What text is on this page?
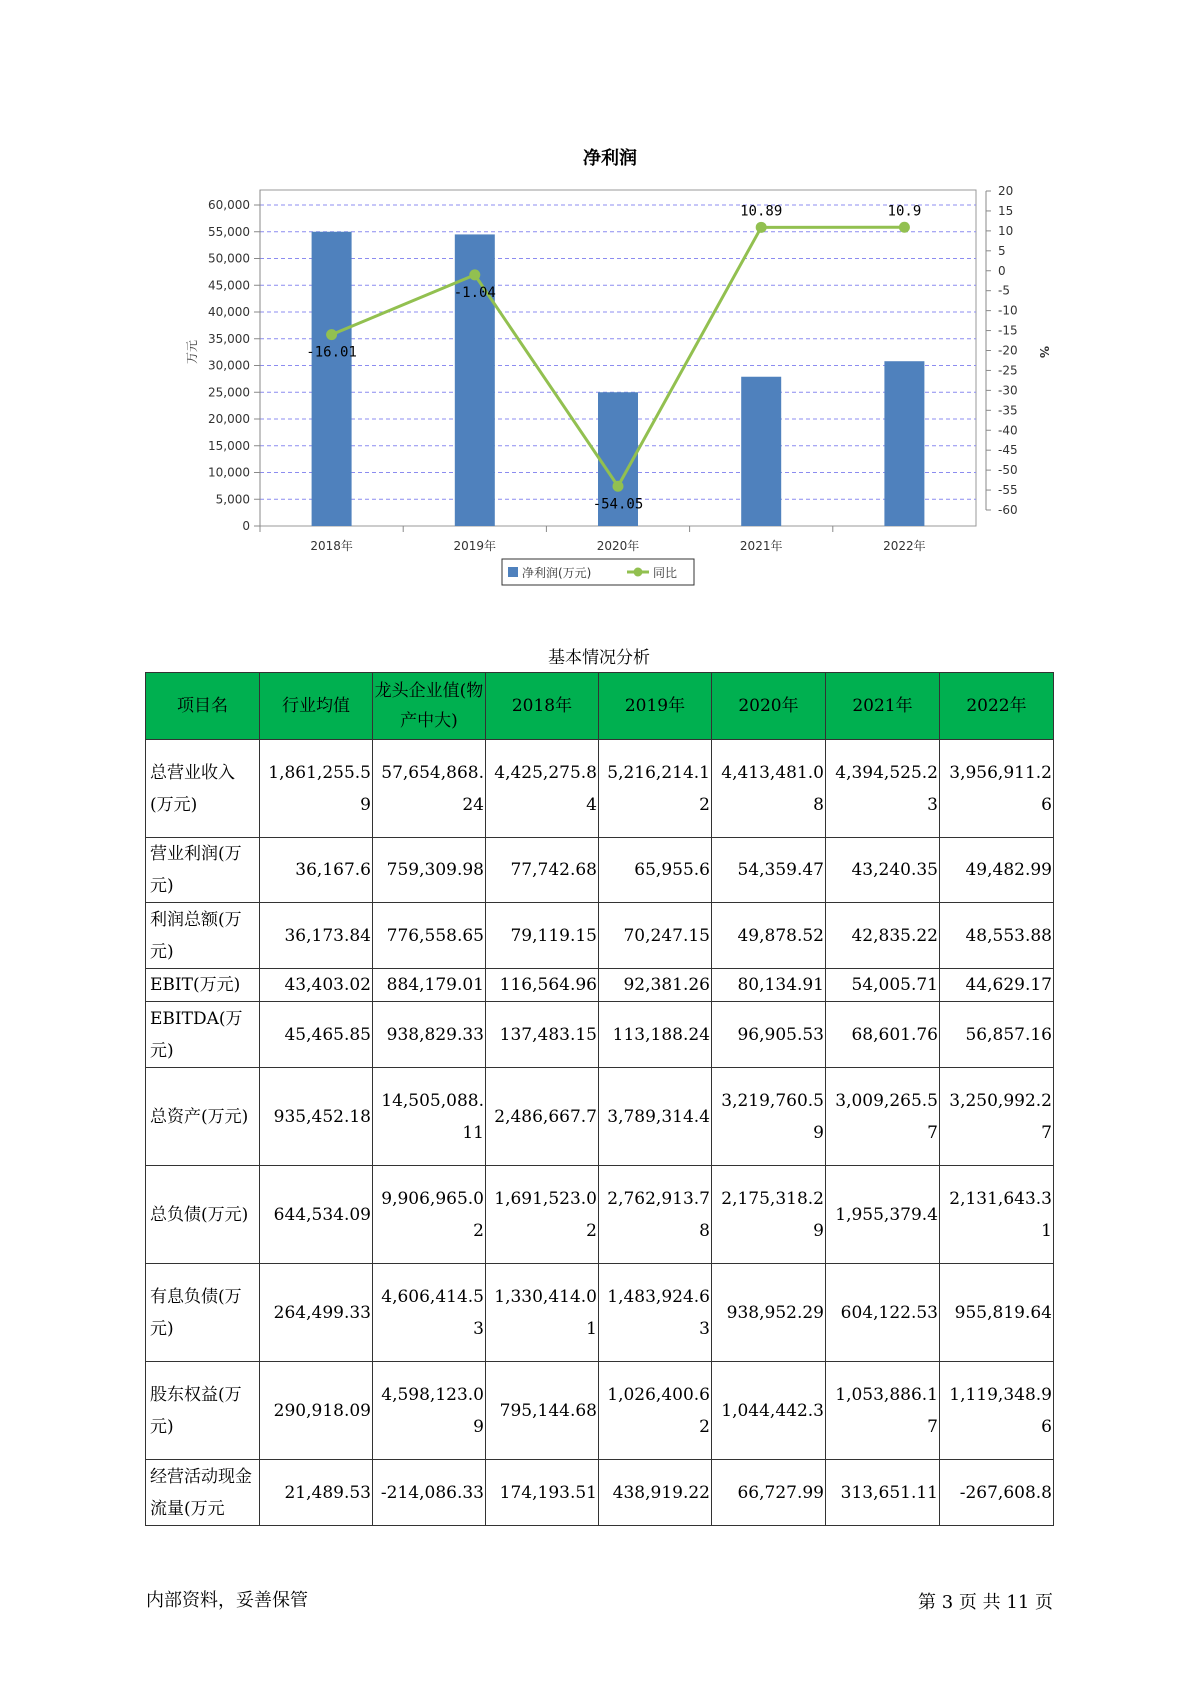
净利润
60,000
55,000
50,000
45,000
40,000
35,000
30,000
25,000
20,000
15,000
10,000
5,000
0
万元
20
15
10
5
0
-5
-10
-15
-20
-25
-30
-35
-40
-45
-50
-55
-60
%
2018年	2019年	2020年	2021年	2022年
-16.01
-1.04
-54.05
10.89	10.9
净利润(万元)	同比
基本情况分析
项目名	行业均值	龙头企业值(物产中大)	2018年	2019年	2020年	2021年	2022年
总营业收入(万元)	1,861,255.59	57,654,868.24	4,425,275.84	5,216,214.12	4,413,481.08	4,394,525.23	3,956,911.26
营业利润(万元)	36,167.6	759,309.98	77,742.68	65,955.6	54,359.47	43,240.35	49,482.99
利润总额(万元)	36,173.84	776,558.65	79,119.15	70,247.15	49,878.52	42,835.22	48,553.88
EBIT(万元)	43,403.02	884,179.01	116,564.96	92,381.26	80,134.91	54,005.71	44,629.17
EBITDA(万元)	45,465.85	938,829.33	137,483.15	113,188.24	96,905.53	68,601.76	56,857.16
总资产(万元)	935,452.18	14,505,088.11	2,486,667.7	3,789,314.4	3,219,760.59	3,009,265.57	3,250,992.27
总负债(万元)	644,534.09	9,906,965.02	1,691,523.02	2,762,913.78	2,175,318.29	1,955,379.4	2,131,643.31
有息负债(万元)	264,499.33	4,606,414.53	1,330,414.01	1,483,924.63	938,952.29	604,122.53	955,819.64
股东权益(万元)	290,918.09	4,598,123.09	795,144.68	1,026,400.62	1,044,442.3	1,053,886.17	1,119,348.96
经营活动现金流量(万元	21,489.53	-214,086.33	174,193.51	438,919.22	66,727.99	313,651.11	-267,608.8
内部资料，妥善保管	第 3 页 共 11 页
